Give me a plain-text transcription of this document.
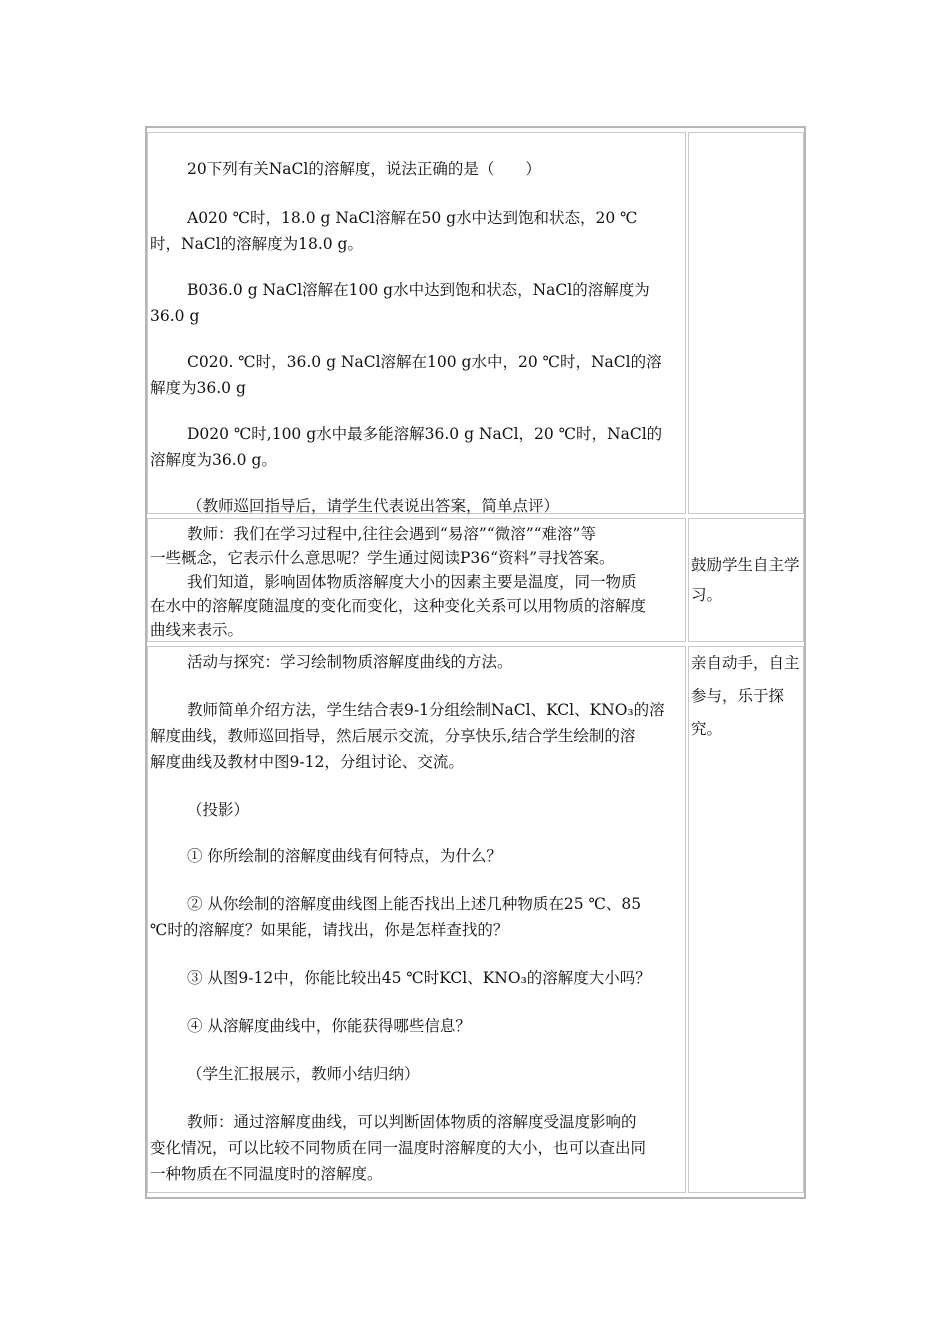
20下列有关NaCl的溶解度，说法正确的是（　　）
A020 ℃时，18.0 g NaCl溶解在50 g水中达到饱和状态，20 ℃
时，NaCl的溶解度为18.0 g。
B036.0 g NaCl溶解在100 g水中达到饱和状态，NaCl的溶解度为
36.0 g
C020. ℃时，36.0 g NaCl溶解在100 g水中，20 ℃时，NaCl的溶
解度为36.0 g
D020 ℃时,100 g水中最多能溶解36.0 g NaCl，20 ℃时，NaCl的
溶解度为36.0 g。
（教师巡回指导后，请学生代表说出答案，简单点评）
教师：我们在学习过程中,往往会遇到“易溶”“微溶”“难溶”等
一些概念，它表示什么意思呢？学生通过阅读P36“资料”寻找答案。
我们知道，影响固体物质溶解度大小的因素主要是温度，同一物质
在水中的溶解度随温度的变化而变化，这种变化关系可以用物质的溶解度
曲线来表示。
鼓励学生自主学
习。
活动与探究：学习绘制物质溶解度曲线的方法。
教师简单介绍方法，学生结合表9-1分组绘制NaCl、KCl、KNO₃的溶
解度曲线，教师巡回指导，然后展示交流，分享快乐,结合学生绘制的溶
解度曲线及教材中图9-12，分组讨论、交流。
（投影）
① 你所绘制的溶解度曲线有何特点，为什么？
② 从你绘制的溶解度曲线图上能否找出上述几种物质在25 ℃、85
℃时的溶解度？如果能，请找出，你是怎样查找的？
③ 从图9-12中，你能比较出45 ℃时KCl、KNO₃的溶解度大小吗？
④ 从溶解度曲线中，你能获得哪些信息？
（学生汇报展示，教师小结归纳）
教师：通过溶解度曲线，可以判断固体物质的溶解度受温度影响的
变化情况，可以比较不同物质在同一温度时溶解度的大小，也可以查出同
一种物质在不同温度时的溶解度。
亲自动手，自主
参与，乐于探
究。
